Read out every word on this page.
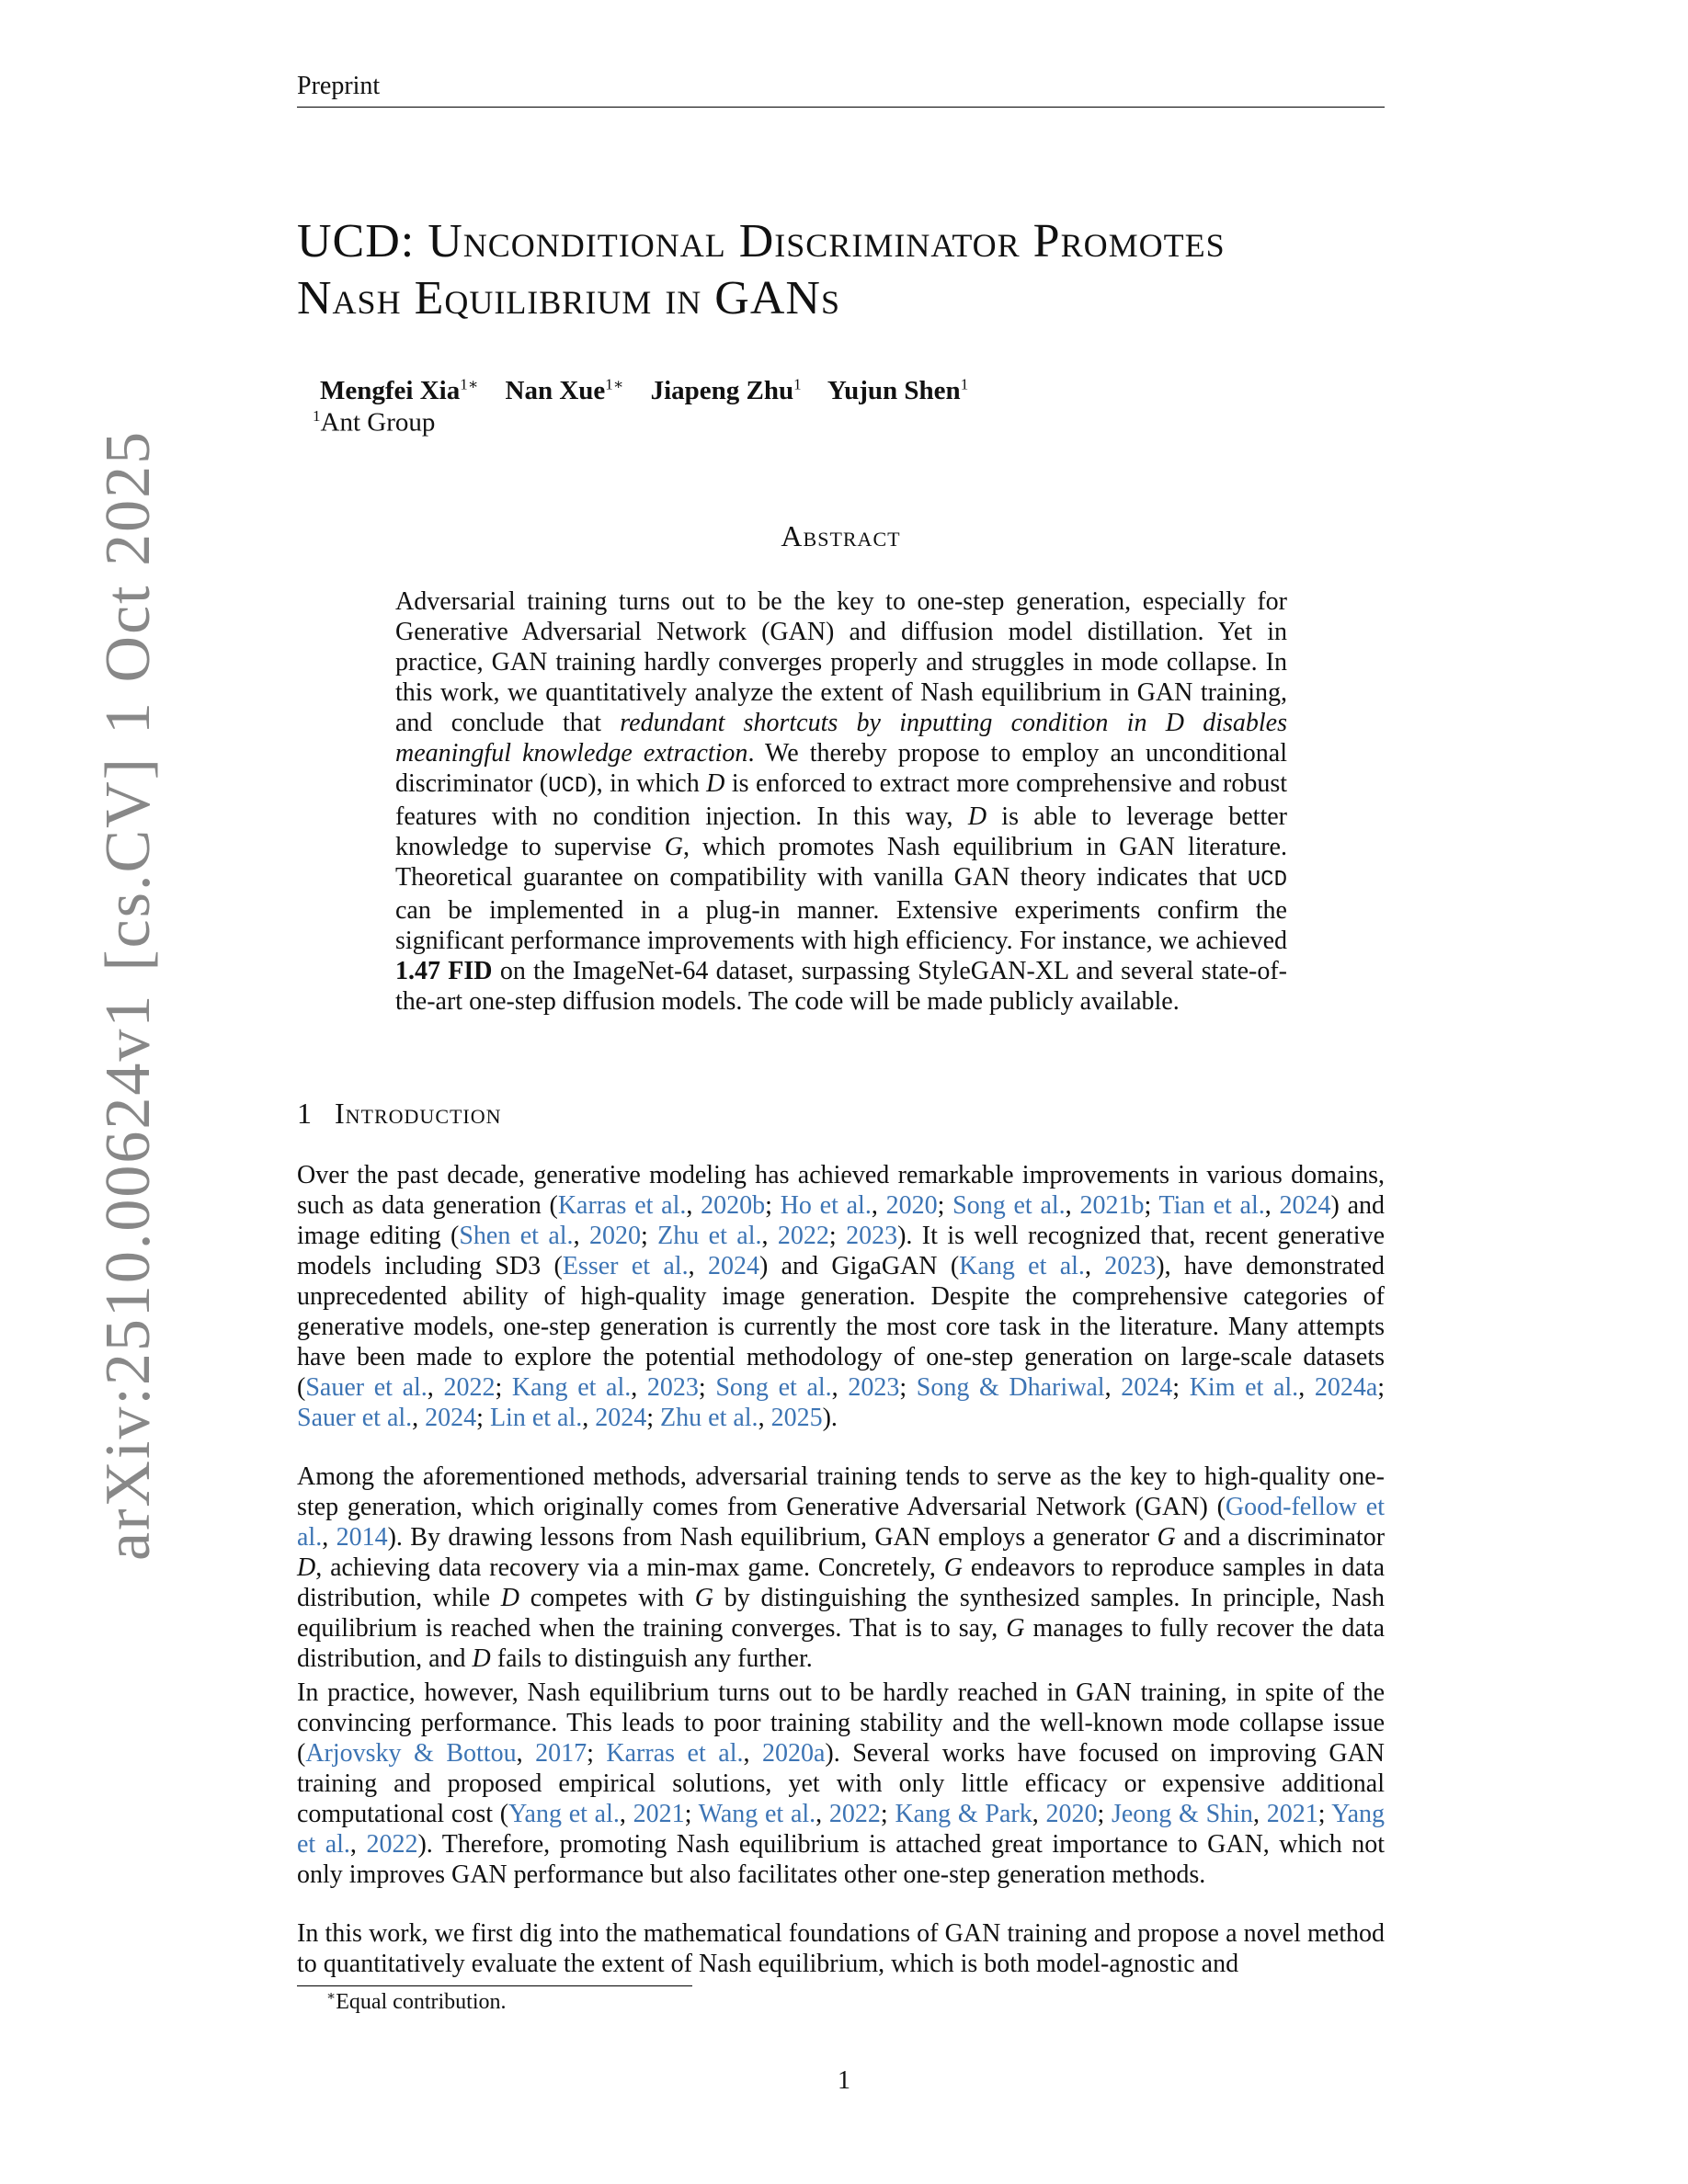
Preprint
arXiv:2510.00624v1[cs.CV]1 Oct 2025
UCD: Unconditional Discriminator Promotes
Nash Equilibrium in GANs
Mengfei Xia$^{1∗}$ Nan Xue$^{1∗}$ Jiapeng Zhu$^1$ Yujun Shen$^1$
$^1$Ant Group
Abstract
Adversarial training turns out to be the key to one-step generation, especially for Generative Adversarial Network (GAN) and diffusion model distillation. Yet in practice, GAN training hardly converges properly and struggles in mode collapse. In this work, we quantitatively analyze the extent of Nash equilibrium in GAN training, and conclude that redundant shortcuts by inputting condition in D disables meaningful knowledge extraction. We thereby propose to employ an unconditional discriminator (UCD), in which D is enforced to extract more comprehensive and robust features with no condition injection. In this way, D is able to leverage better knowledge to supervise G, which promotes Nash equilibrium in GAN literature. Theoretical guarantee on compatibility with vanilla GAN theory indicates that UCD can be implemented in a plug-in manner. Extensive experiments confirm the significant performance improvements with high efficiency. For instance, we achieved 1.47 FID on the ImageNet-64 dataset, surpassing StyleGAN-XL and several state-of-the-art one-step diffusion models. The code will be made publicly available.
1 Introduction
Over the past decade, generative modeling has achieved remarkable improvements in various domains, such as data generation (Karras et al., 2020b; Ho et al., 2020; Song et al., 2021b; Tian et al., 2024) and image editing (Shen et al., 2020; Zhu et al., 2022; 2023). It is well recognized that, recent generative models including SD3 (Esser et al., 2024) and GigaGAN (Kang et al., 2023), have demonstrated unprecedented ability of high-quality image generation. Despite the comprehensive categories of generative models, one-step generation is currently the most core task in the literature. Many attempts have been made to explore the potential methodology of one-step generation on large-scale datasets (Sauer et al., 2022; Kang et al., 2023; Song et al., 2023; Song & Dhariwal, 2024; Kim et al., 2024a; Sauer et al., 2024; Lin et al., 2024; Zhu et al., 2025).
Among the aforementioned methods, adversarial training tends to serve as the key to high-quality one-step generation, which originally comes from Generative Adversarial Network (GAN) (Good-fellow et al., 2014). By drawing lessons from Nash equilibrium, GAN employs a generator G and a discriminator D, achieving data recovery via a min-max game. Concretely, G endeavors to reproduce samples in data distribution, while D competes with G by distinguishing the synthesized samples. In principle, Nash equilibrium is reached when the training converges. That is to say, G manages to fully recover the data distribution, and D fails to distinguish any further.
In practice, however, Nash equilibrium turns out to be hardly reached in GAN training, in spite of the convincing performance. This leads to poor training stability and the well-known mode collapse issue (Arjovsky & Bottou, 2017; Karras et al., 2020a). Several works have focused on improving GAN training and proposed empirical solutions, yet with only little efficacy or expensive additional computational cost (Yang et al., 2021; Wang et al., 2022; Kang & Park, 2020; Jeong & Shin, 2021; Yang et al., 2022). Therefore, promoting Nash equilibrium is attached great importance to GAN, which not only improves GAN performance but also facilitates other one-step generation methods.
In this work, we first dig into the mathematical foundations of GAN training and propose a novel method to quantitatively evaluate the extent of Nash equilibrium, which is both model-agnostic and
∗Equal contribution.
1
